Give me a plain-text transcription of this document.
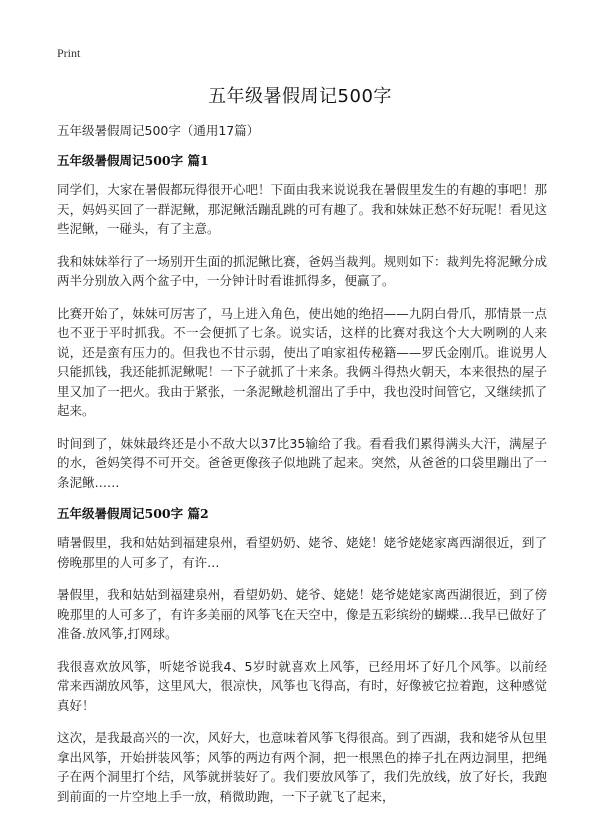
Print
五年级暑假周记500字
五年级暑假周记500字（通用17篇）
五年级暑假周记500字 篇1

同学们，大家在暑假都玩得很开心吧！下面由我来说说我在暑假里发生的有趣的事吧！那天，妈妈买回了一群泥鳅，那泥鳅活蹦乱跳的可有趣了。我和妹妹正愁不好玩呢！看见这些泥鳅，一碰头，有了主意。

我和妹妹举行了一场别开生面的抓泥鳅比赛，爸妈当裁判。规则如下：裁判先将泥鳅分成两半分别放入两个盆子中，一分钟计时看谁抓得多，便赢了。

比赛开始了，妹妹可厉害了，马上进入角色，使出她的绝招——九阴白骨爪，那情景一点也不亚于平时抓我。不一会便抓了七条。说实话，这样的比赛对我这个大大咧咧的人来说，还是蛮有压力的。但我也不甘示弱，使出了咱家祖传秘籍——罗氏金刚爪。谁说男人只能抓钱，我还能抓泥鳅呢！一下子就抓了十来条。我俩斗得热火朝天，本来很热的屋子里又加了一把火。我由于紧张，一条泥鳅趁机溜出了手中，我也没时间管它，又继续抓了起来。

时间到了，妹妹最终还是小不敌大以37比35输给了我。看看我们累得满头大汗，满屋子的水，爸妈笑得不可开交。爸爸更像孩子似地跳了起来。突然，从爸爸的口袋里蹦出了一条泥鳅……

五年级暑假周记500字 篇2

晴暑假里，我和姑姑到福建泉州，看望奶奶、姥爷、姥姥！姥爷姥姥家离西湖很近，到了傍晚那里的人可多了，有许…

暑假里，我和姑姑到福建泉州，看望奶奶、姥爷、姥姥！姥爷姥姥家离西湖很近，到了傍晚那里的人可多了，有许多美丽的风筝飞在天空中，像是五彩缤纷的蝴蝶…我早已做好了准备.放风筝,打网球。

我很喜欢放风筝，听姥爷说我4、5岁时就喜欢上风筝，已经用坏了好几个风筝。以前经常来西湖放风筝，这里风大，很凉快，风筝也飞得高，有时，好像被它拉着跑，这种感觉真好！

这次，是我最高兴的一次，风好大，也意味着风筝飞得很高。到了西湖，我和姥爷从包里拿出风筝，开始拼装风筝；风筝的两边有两个洞，把一根黑色的捧子扎在两边洞里，把绳子在两个洞里打个结，风筝就拼装好了。我们要放风筝了，我们先放线，放了好长，我跑到前面的一片空地上手一放，稍微助跑，一下子就飞了起来，
